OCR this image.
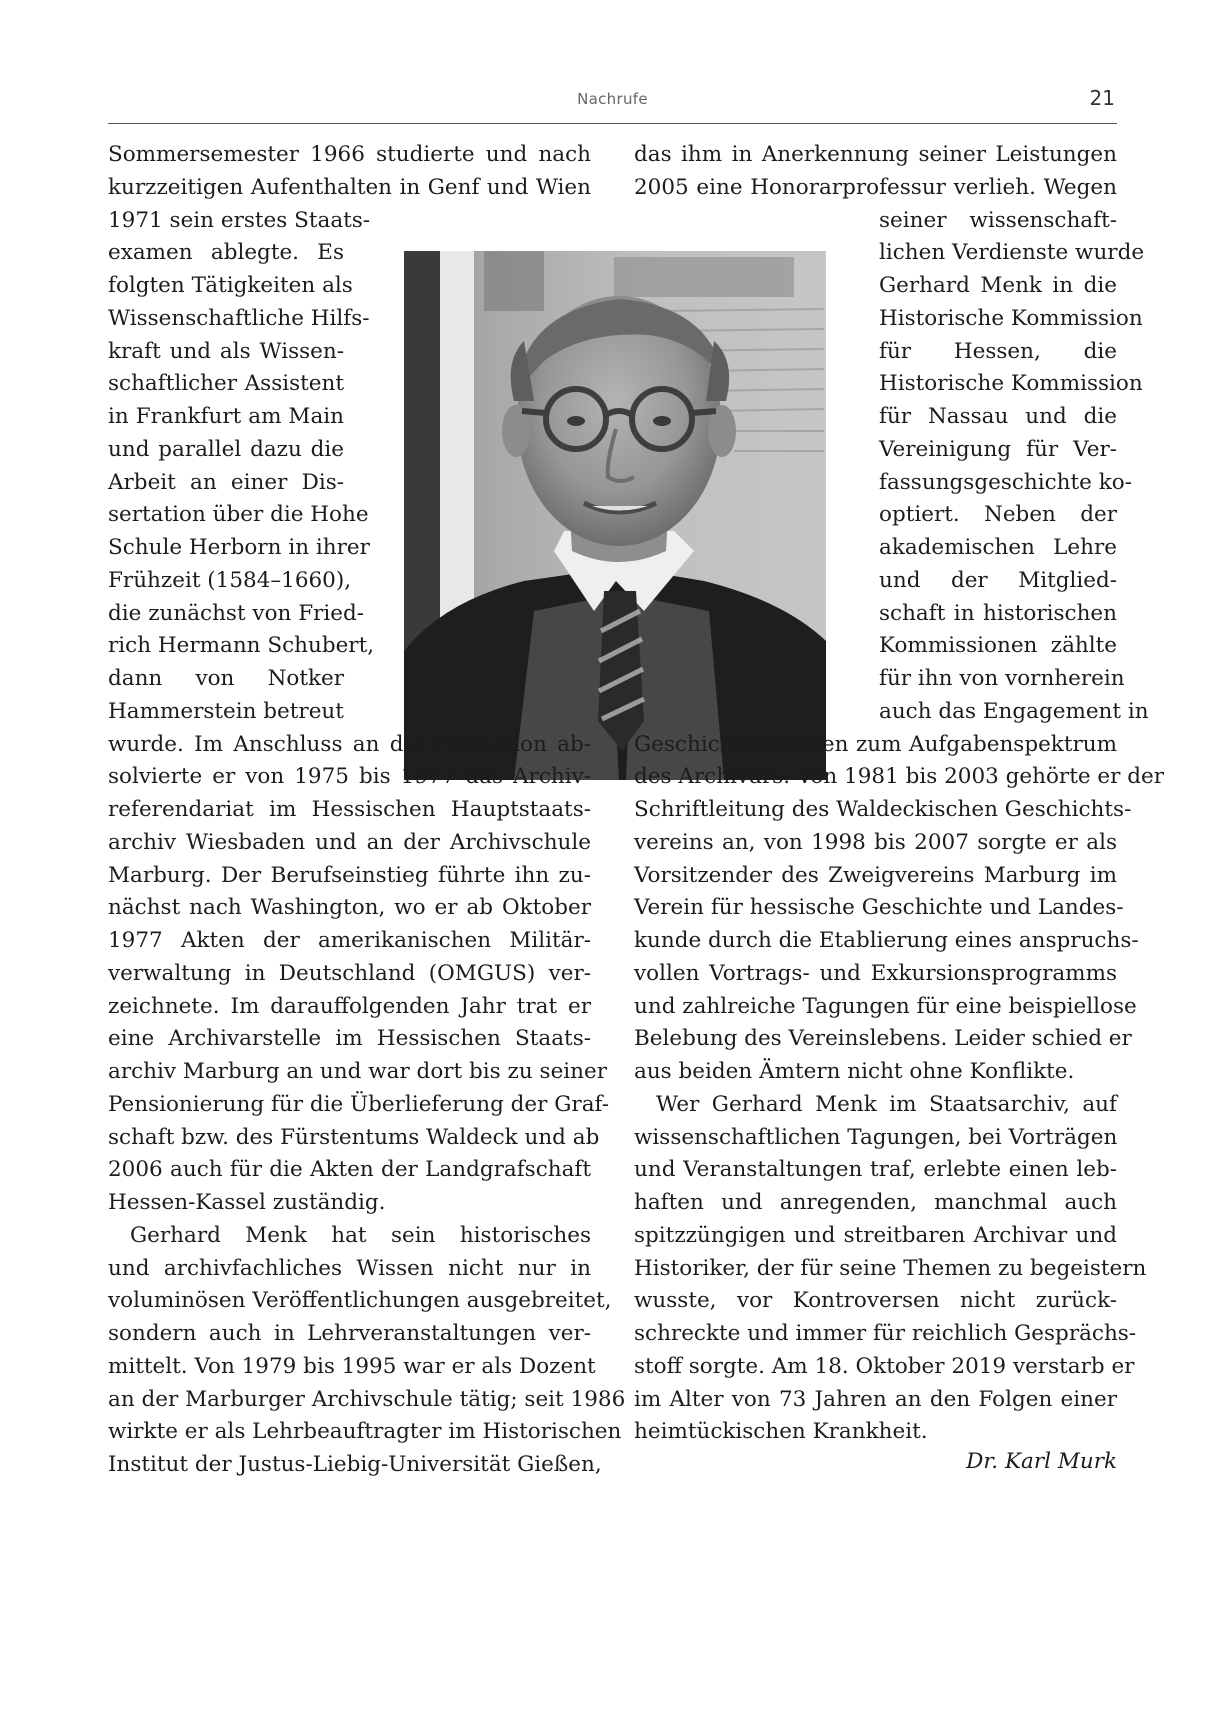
Nachrufe	21
Sommersemester 1966 studierte und nach
kurzzeitigen Aufenthalten in Genf und Wien
1971 sein erstes Staats-
examen ablegte. Es
folgten Tätigkeiten als
Wissenschaftliche Hilfs-
kraft und als Wissen-
schaftlicher Assistent
in Frankfurt am Main
und parallel dazu die
Arbeit an einer Dis-
sertation über die Hohe
Schule Herborn in ihrer
Frühzeit (1584–1660),
die zunächst von Fried-
rich Hermann Schubert,
dann von Notker
Hammerstein betreut
wurde. Im Anschluss an die Promotion ab-
solvierte er von 1975 bis 1977 das Archiv-
referendariat im Hessischen Hauptstaats-
archiv Wiesbaden und an der Archivschule
Marburg. Der Berufseinstieg führte ihn zu-
nächst nach Washington, wo er ab Oktober
1977 Akten der amerikanischen Militär-
verwaltung in Deutschland (OMGUS) ver-
zeichnete. Im darauffolgenden Jahr trat er
eine Archivarstelle im Hessischen Staats-
archiv Marburg an und war dort bis zu seiner
Pensionierung für die Überlieferung der Graf-
schaft bzw. des Fürstentums Waldeck und ab
2006 auch für die Akten der Landgrafschaft
Hessen-Kassel zuständig.
Gerhard Menk hat sein historisches
und archivfachliches Wissen nicht nur in
voluminösen Veröffentlichungen ausgebreitet,
sondern auch in Lehrveranstaltungen ver-
mittelt. Von 1979 bis 1995 war er als Dozent
an der Marburger Archivschule tätig; seit 1986
wirkte er als Lehrbeauftragter im Historischen
Institut der Justus-Liebig-Universität Gießen,
das ihm in Anerkennung seiner Leistungen
2005 eine Honorarprofessur verlieh. Wegen
seiner wissenschaft-
lichen Verdienste wurde
Gerhard Menk in die
Historische Kommission
für Hessen, die
Historische Kommission
für Nassau und die
Vereinigung für Ver-
fassungsgeschichte ko-
optiert. Neben der
akademischen Lehre
und der Mitglied-
schaft in historischen
Kommissionen zählte
für ihn von vornherein
auch das Engagement in
Geschichtsvereinen zum Aufgabenspektrum
des Archivars. Von 1981 bis 2003 gehörte er der
Schriftleitung des Waldeckischen Geschichts-
vereins an, von 1998 bis 2007 sorgte er als
Vorsitzender des Zweigvereins Marburg im
Verein für hessische Geschichte und Landes-
kunde durch die Etablierung eines anspruchs-
vollen Vortrags- und Exkursionsprogramms
und zahlreiche Tagungen für eine beispiellose
Belebung des Vereinslebens. Leider schied er
aus beiden Ämtern nicht ohne Konflikte.
Wer Gerhard Menk im Staatsarchiv, auf
wissenschaftlichen Tagungen, bei Vorträgen
und Veranstaltungen traf, erlebte einen leb-
haften und anregenden, manchmal auch
spitzzüngigen und streitbaren Archivar und
Historiker, der für seine Themen zu begeistern
wusste, vor Kontroversen nicht zurück-
schreckte und immer für reichlich Gesprächs-
stoff sorgte. Am 18. Oktober 2019 verstarb er
im Alter von 73 Jahren an den Folgen einer
heimtückischen Krankheit.
Dr. Karl Murk
